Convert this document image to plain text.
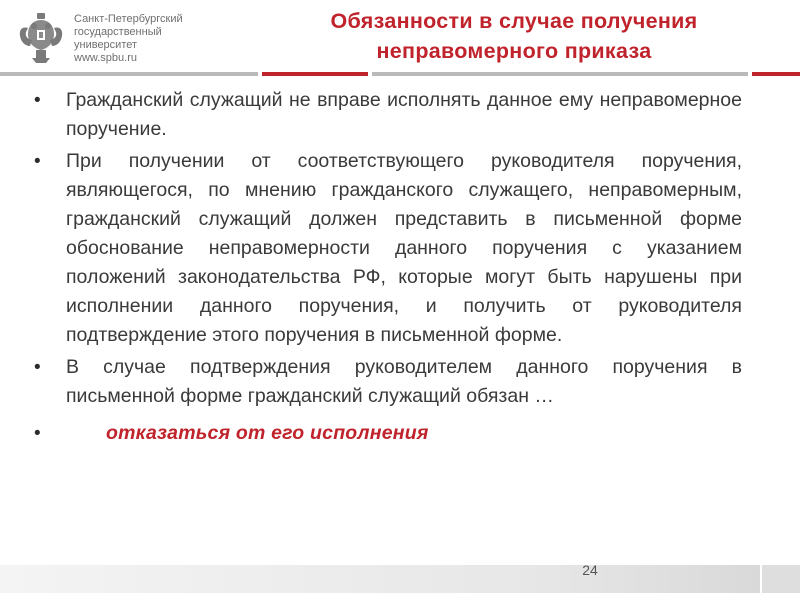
Санкт-Петербургский
государственный
университет
www.spbu.ru
Обязанности в случае получения
неправомерного приказа
• Гражданский служащий не вправе исполнять данное ему неправомерное поручение.
• При получении от соответствующего руководителя поручения, являющегося, по мнению гражданского служащего, неправомерным, гражданский служащий должен представить в письменной форме обоснование неправомерности данного поручения с указанием положений законодательства РФ, которые могут быть нарушены при исполнении данного поручения, и получить от руководителя подтверждение этого поручения в письменной форме.
• В случае подтверждения руководителем данного поручения в письменной форме гражданский служащий обязан …
•	отказаться от его исполнения
24
